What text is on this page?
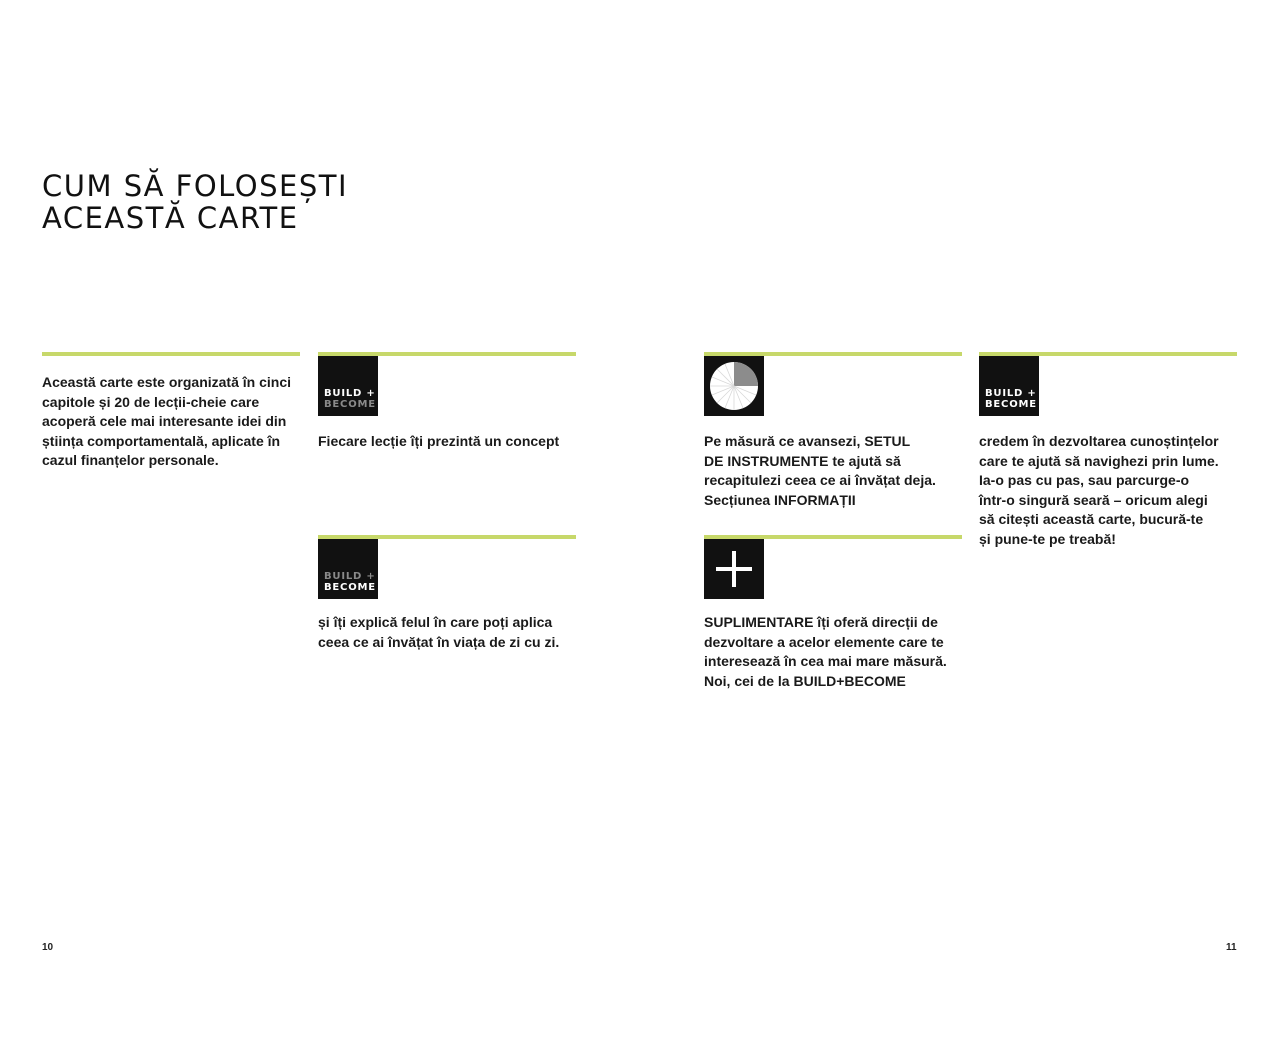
CUM SĂ FOLOSEȘTI
ACEASTĂ CARTE
Această carte este organizată în cinci
capitole și 20 de lecții-cheie care
acoperă cele mai interesante idei din
știința comportamentală, aplicate în
cazul finanțelor personale.
BUILD +
BECOME
Fiecare lecție îți prezintă un concept
BUILD +
BECOME
și îți explică felul în care poți aplica
ceea ce ai învățat în viața de zi cu zi.
Pe măsură ce avansezi, SETUL
DE INSTRUMENTE te ajută să
recapitulezi ceea ce ai învățat deja.
Secțiunea INFORMAȚII
SUPLIMENTARE îți oferă direcții de
dezvoltare a acelor elemente care te
interesează în cea mai mare măsură.
Noi, cei de la BUILD+BECOME
BUILD +
BECOME
credem în dezvoltarea cunoștințelor
care te ajută să navighezi prin lume.
Ia-o pas cu pas, sau parcurge-o
într-o singură seară – oricum alegi
să citești această carte, bucură-te
și pune-te pe treabă!
10	11
